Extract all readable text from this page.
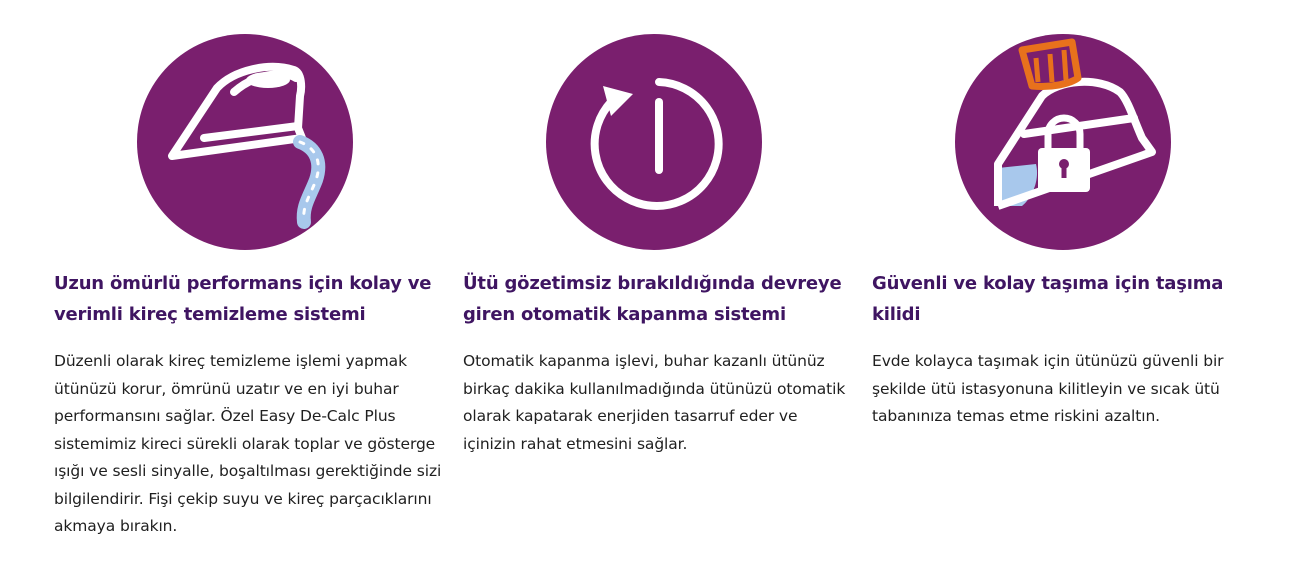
Uzun ömürlü performans için kolay ve verimli kireç temizleme sistemi
Düzenli olarak kireç temizleme işlemi yapmak ütünüzü korur, ömrünü uzatır ve en iyi buhar performansını sağlar. Özel Easy De-Calc Plus sistemimiz kireci sürekli olarak toplar ve gösterge ışığı ve sesli sinyalle, boşaltılması gerektiğinde sizi bilgilendirir. Fişi çekip suyu ve kireç parçacıklarını akmaya bırakın.
Ütü gözetimsiz bırakıldığında devreye giren otomatik kapanma sistemi
Otomatik kapanma işlevi, buhar kazanlı ütünüz birkaç dakika kullanılmadığında ütünüzü otomatik olarak kapatarak enerjiden tasarruf eder ve içinizin rahat etmesini sağlar.
Güvenli ve kolay taşıma için taşıma kilidi
Evde kolayca taşımak için ütünüzü güvenli bir şekilde ütü istasyonuna kilitleyin ve sıcak ütü tabanınıza temas etme riskini azaltın.
